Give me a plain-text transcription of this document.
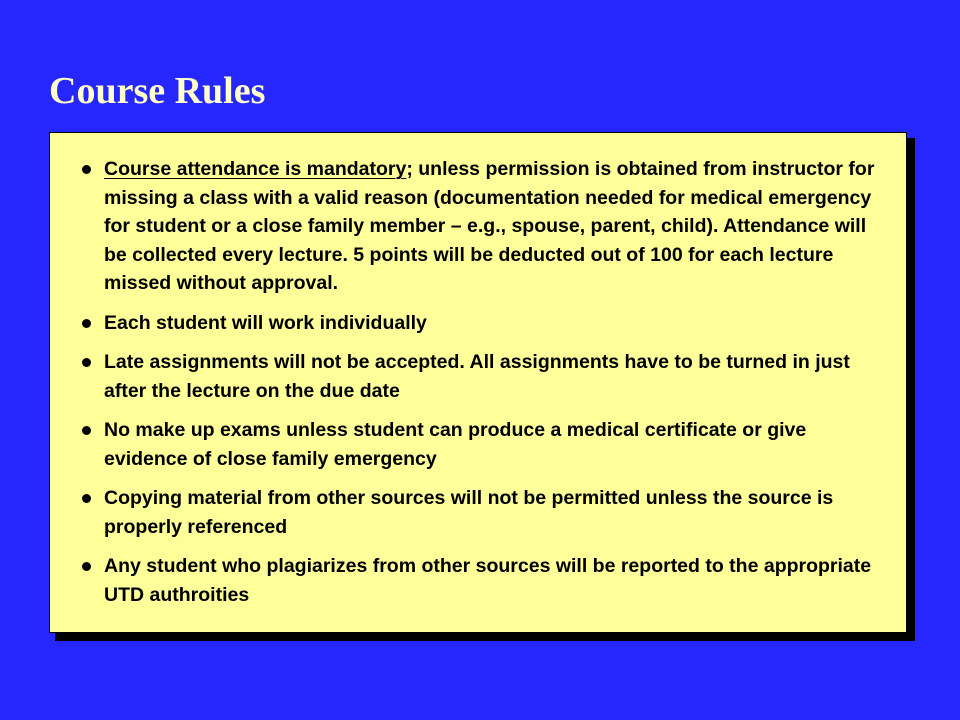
Course Rules
Course attendance is mandatory; unless permission is obtained from instructor for missing a class with a valid reason (documentation needed for medical emergency for student or a close family member – e.g., spouse, parent, child). Attendance will be collected every lecture. 5 points will be deducted out of 100 for each lecture missed without approval.
Each student will work individually
Late assignments will not be accepted. All assignments have to be turned in just after the lecture on the due date
No make up exams unless student can produce a medical certificate or give evidence of close family emergency
Copying material from other sources will not be permitted unless the source is properly referenced
Any student who plagiarizes from other sources will be reported to the appropriate UTD authroities
